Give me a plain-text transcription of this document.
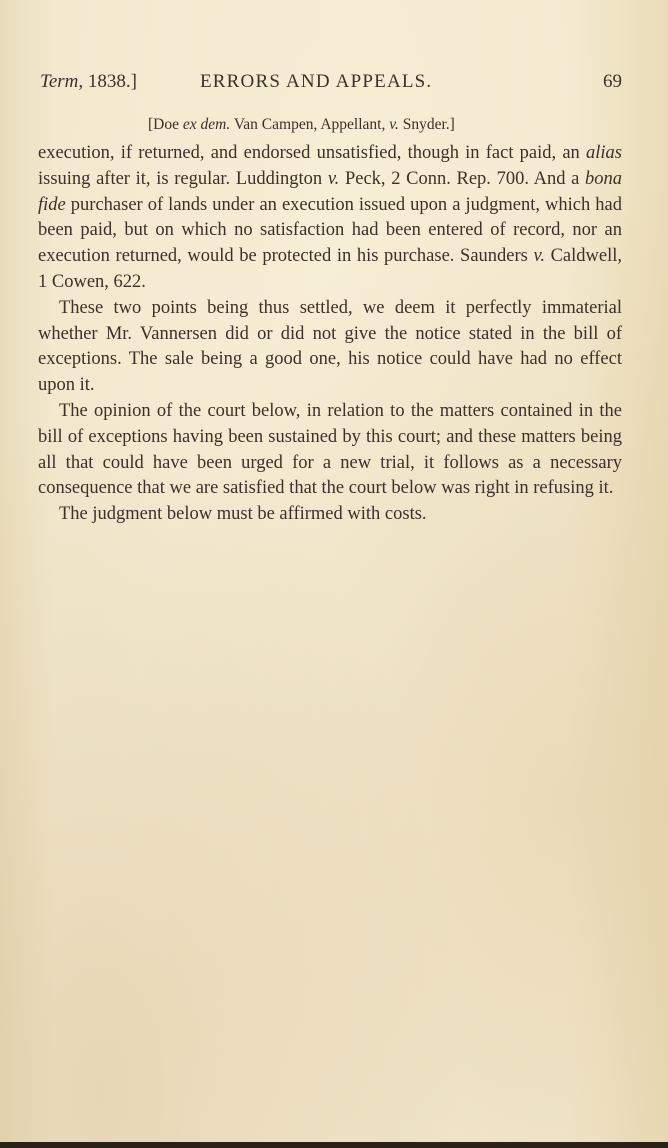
Term, 1838.]	ERRORS AND APPEALS.	69
[Doe ex dem. Van Campen, Appellant, v. Snyder.]

execution, if returned, and endorsed unsatisfied, though in fact paid, an alias issuing after it, is regular. Luddington v. Peck, 2 Conn. Rep. 700. And a bona fide purchaser of lands under an execution issued upon a judgment, which had been paid, but on which no satisfaction had been entered of record, nor an execution returned, would be protected in his purchase. Saunders v. Caldwell, 1 Cowen, 622.

These two points being thus settled, we deem it perfectly immaterial whether Mr. Vannersen did or did not give the notice stated in the bill of exceptions. The sale being a good one, his notice could have had no effect upon it.

The opinion of the court below, in relation to the matters contained in the bill of exceptions having been sustained by this court; and these matters being all that could have been urged for a new trial, it follows as a necessary consequence that we are satisfied that the court below was right in refusing it.

The judgment below must be affirmed with costs.
